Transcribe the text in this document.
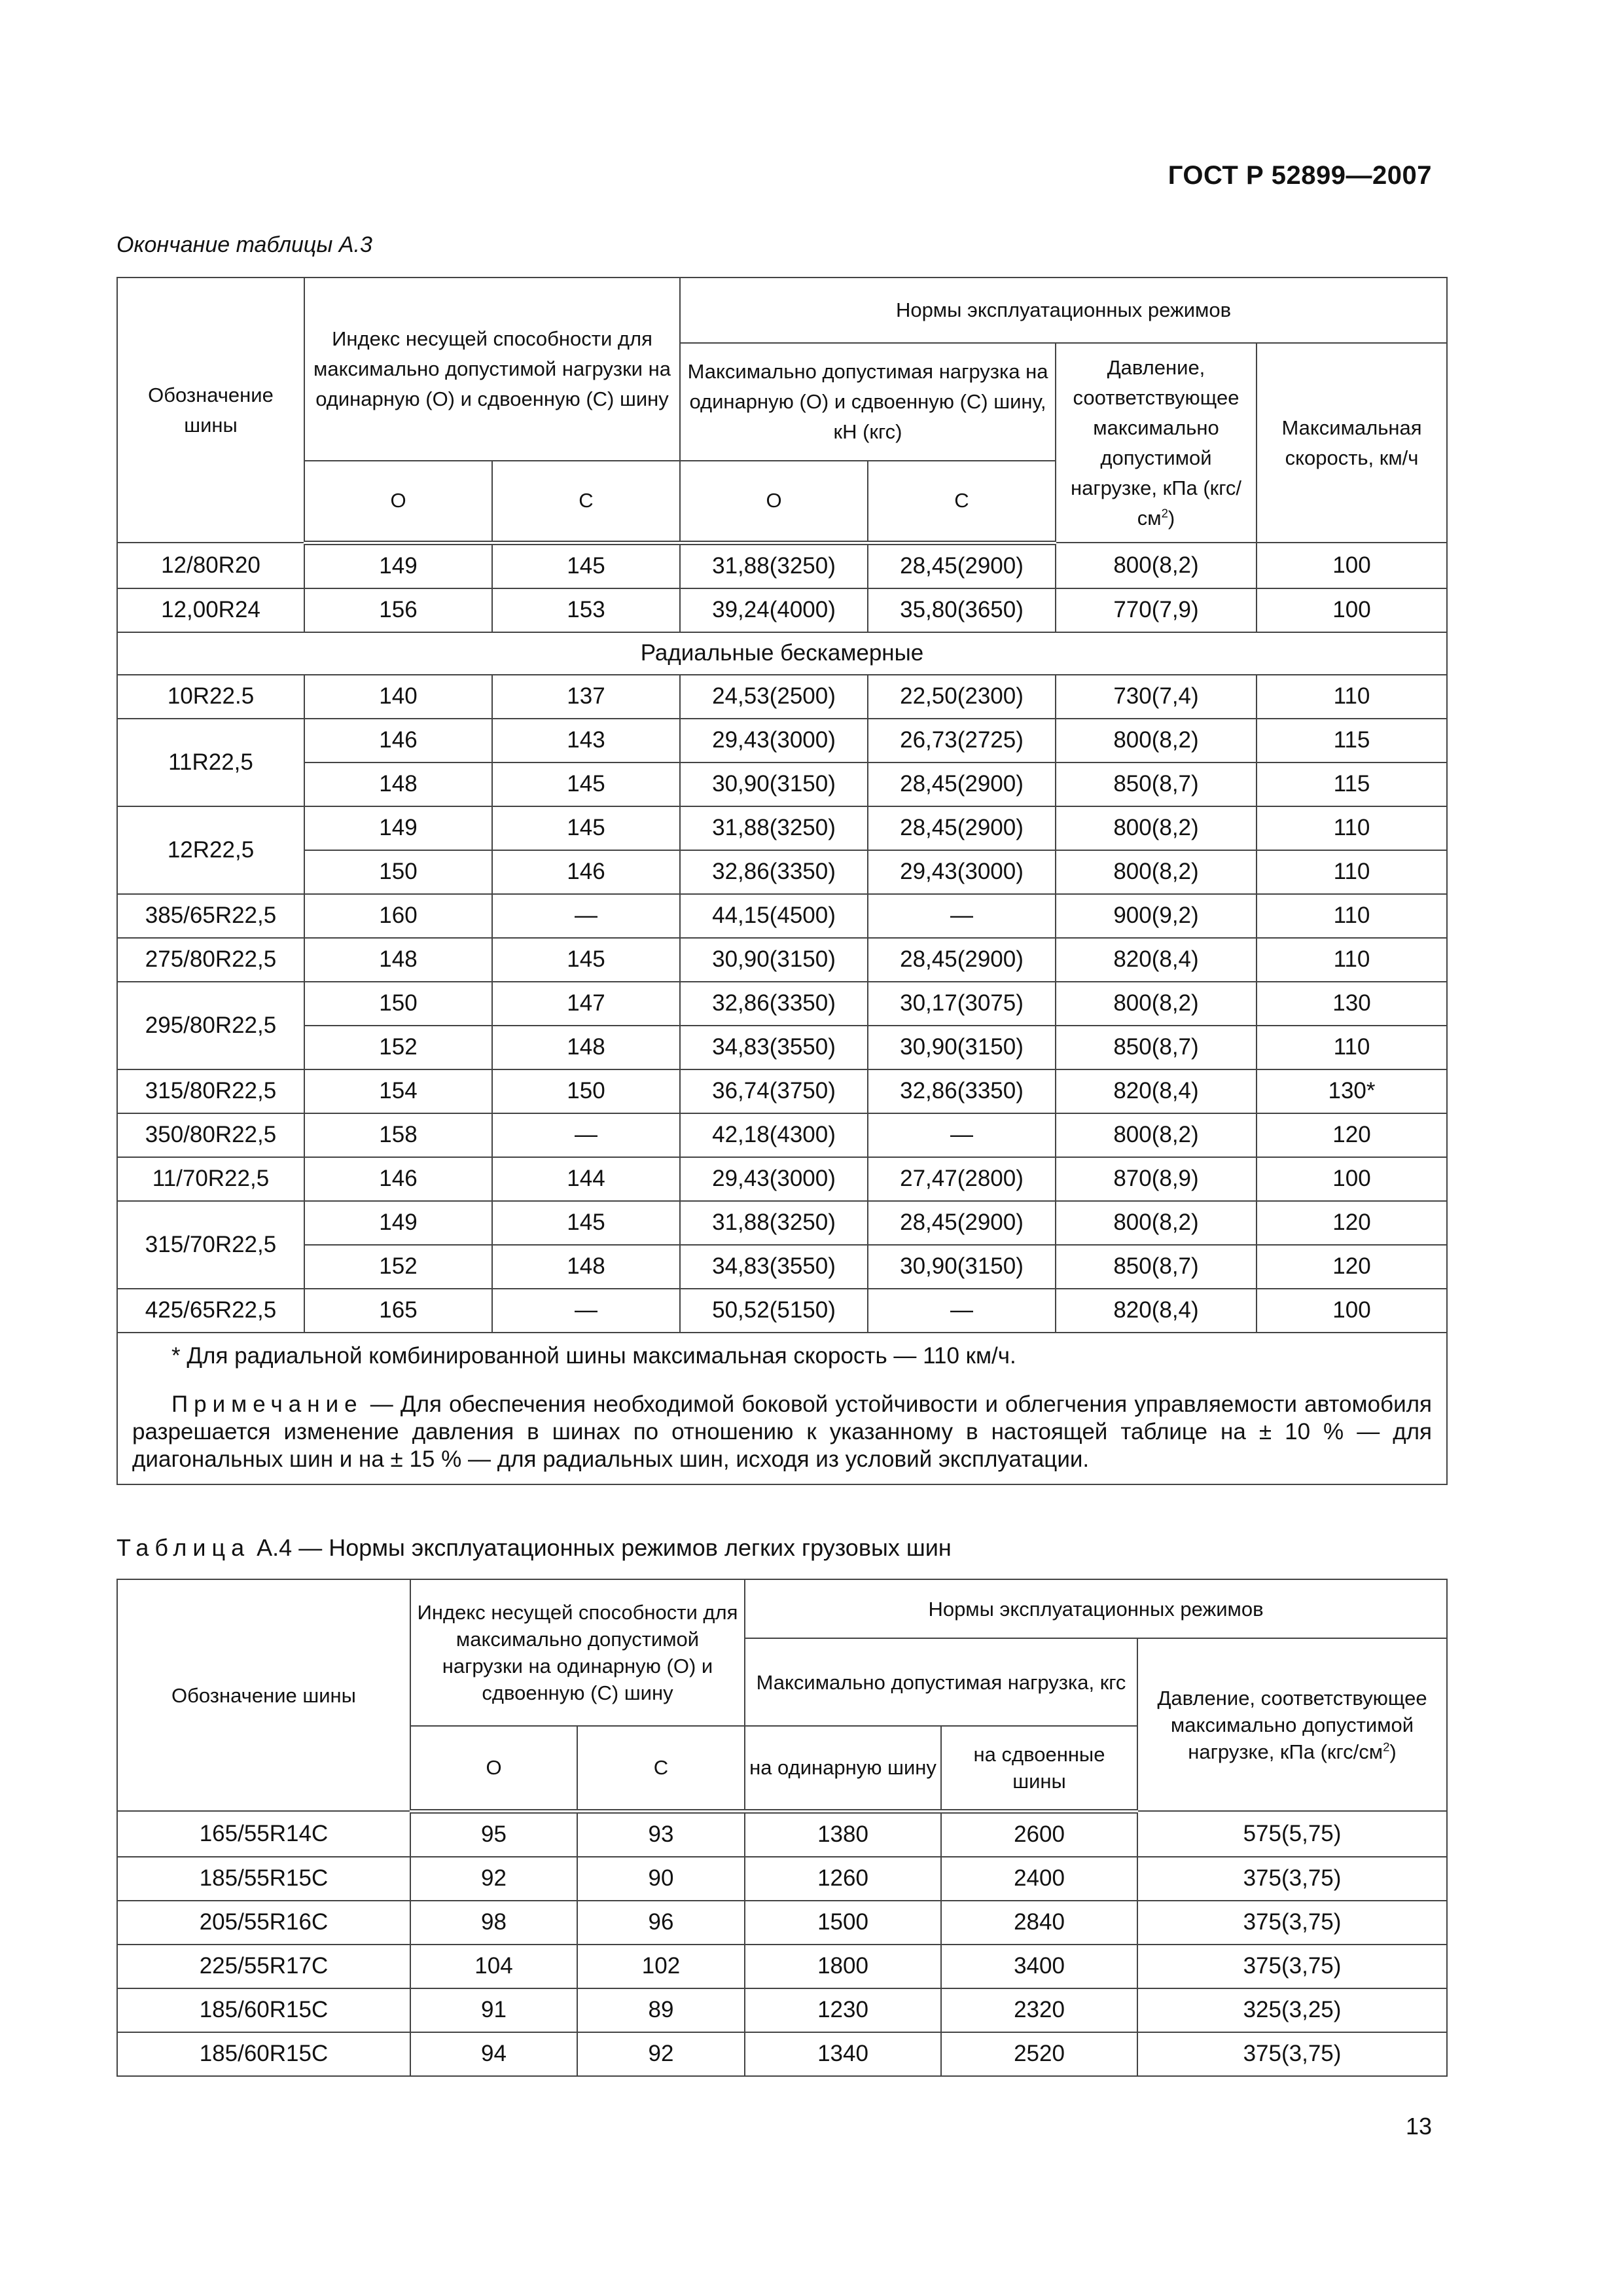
ГОСТ Р 52899—2007
Окончание таблицы А.3
Обозначение шины	Индекс несущей способности для максимально допустимой нагрузки на одинарную (О) и сдвоенную (С) шину		Нормы эксплуатационных режимов			
			Максимально допустимая нагрузка на одинарную (О) и сдвоенную (С) шину, кН (кгс)		Давление, соответствующее максимально допустимой нагрузке, кПа $(кгс/см^2)$	Максимальная скорость, км/ч
	О	С	О	С		
12/80R20	149	145	31,88(3250)	28,45(2900)	800(8,2)	100
12,00R24	156	153	39,24(4000)	35,80(3650)	770(7,9)	100
Радиальные бескамерные						
10R22.5	140	137	24,53(2500)	22,50(2300)	730(7,4)	110
11R22,5	146	143	29,43(3000)	26,73(2725)	800(8,2)	115
	148	145	30,90(3150)	28,45(2900)	850(8,7)	115
12R22,5	149	145	31,88(3250)	28,45(2900)	800(8,2)	110
	150	146	32,86(3350)	29,43(3000)	800(8,2)	110
385/65R22,5	160	—	44,15(4500)	—	900(9,2)	110
275/80R22,5	148	145	30,90(3150)	28,45(2900)	820(8,4)	110
295/80R22,5	150	147	32,86(3350)	30,17(3075)	800(8,2)	130
	152	148	34,83(3550)	30,90(3150)	850(8,7)	110
315/80R22,5	154	150	36,74(3750)	32,86(3350)	820(8,4)	130*
350/80R22,5	158	—	42,18(4300)	—	800(8,2)	120
11/70R22,5	146	144	29,43(3000)	27,47(2800)	870(8,9)	100
315/70R22,5	149	145	31,88(3250)	28,45(2900)	800(8,2)	120
	152	148	34,83(3550)	30,90(3150)	850(8,7)	120
425/65R22,5	165	—	50,52(5150)	—	820(8,4)	100

* Для радиальной комбинированной шины максимальная скорость — 110 км/ч.
Примечание — Для обеспечения необходимой боковой устойчивости и облегчения управляемости автомобиля разрешается изменение давления в шинах по отношению к указанному в настоящей таблице на ± 10 % — для диагональных шин и на ± 15 % — для радиальных шин, исходя из условий эксплуатации.						
Таблица А.4 — Нормы эксплуатационных режимов легких грузовых шин
Обозначение шины	Индекс несущей способности для максимально допустимой нагрузки на одинарную (О) и сдвоенную (С) шину		Нормы эксплуатационных режимов		
			Максимально допустимая нагрузка, кгс		Давление, соответствующее максимально допустимой нагрузке, кПа $(кгс/см^2)$
	О	С	на одинарную шину	на сдвоенные шины	
165/55R14C	95	93	1380	2600	575(5,75)
185/55R15C	92	90	1260	2400	375(3,75)
205/55R16C	98	96	1500	2840	375(3,75)
225/55R17C	104	102	1800	3400	375(3,75)
185/60R15C	91	89	1230	2320	325(3,25)
185/60R15C	94	92	1340	2520	375(3,75)
13
